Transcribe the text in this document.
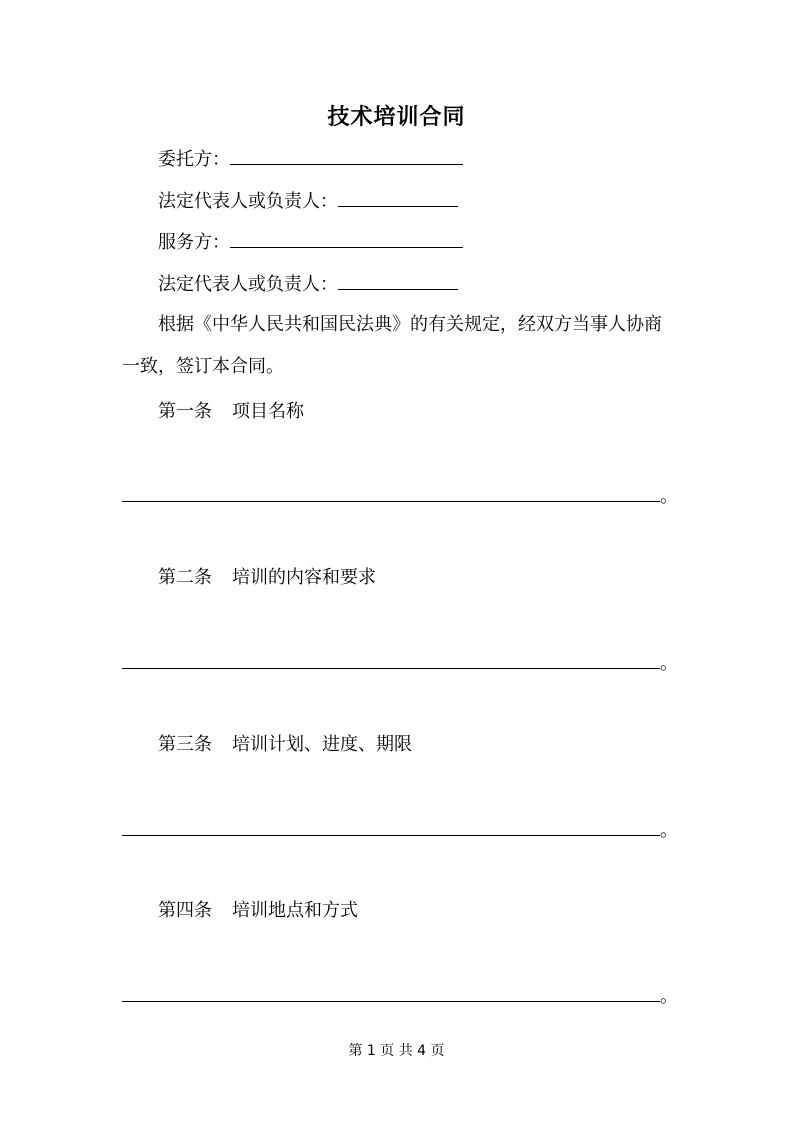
技术培训合同
委托方：
法定代表人或负责人：
服务方：
法定代表人或负责人：
根据《中华人民共和国民法典》的有关规定，经双方当事人协商一致，签订本合同。
第一条 项目名称
。
第二条 培训的内容和要求
。
第三条 培训计划、进度、期限
。
第四条 培训地点和方式
。
第 1 页 共 4 页
